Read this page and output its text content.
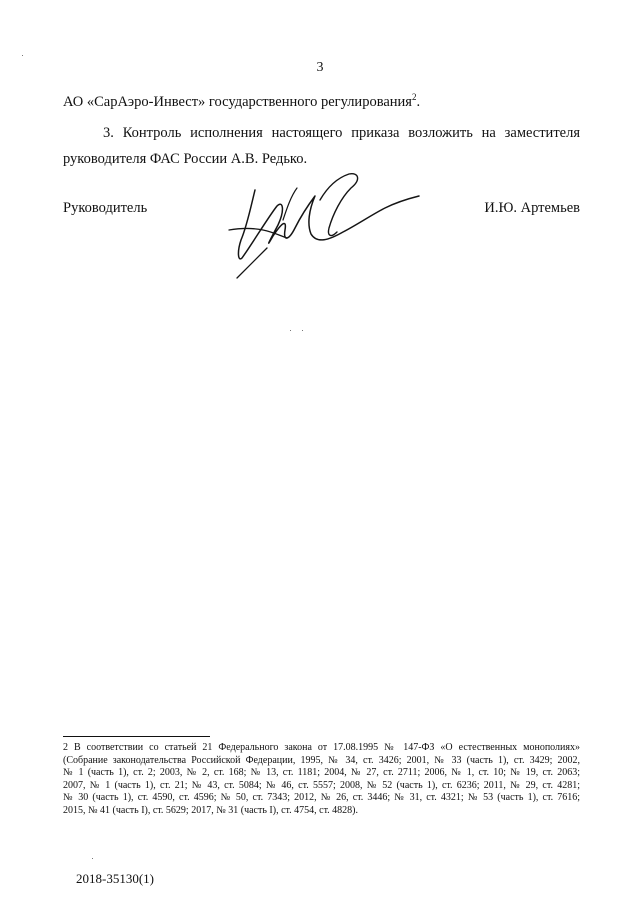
3
АО «СарАэро-Инвест» государственного регулирования$^2$.
3. Контроль исполнения настоящего приказа возложить на заместителя
руководителя ФАС России А.В. Редько.
Руководитель	И.Ю. Артемьев
2 В соответствии со статьей 21 Федерального закона от 17.08.1995 № 147-ФЗ «О естественных монополиях»
(Собрание законодательства Российской Федерации, 1995, № 34, ст. 3426; 2001, № 33 (часть 1), ст. 3429; 2002,
№ 1 (часть 1), ст. 2; 2003, № 2, ст. 168; № 13, ст. 1181; 2004, № 27, ст. 2711; 2006, № 1, ст. 10; № 19, ст. 2063;
2007, № 1 (часть 1), ст. 21; № 43, ст. 5084; № 46, ст. 5557; 2008, № 52 (часть 1), ст. 6236; 2011, № 29, ст. 4281;
№ 30 (часть 1), ст. 4590, ст. 4596; № 50, ст. 7343; 2012, № 26, ст. 3446; № 31, ст. 4321; № 53 (часть 1), ст. 7616;
2015, № 41 (часть I), ст. 5629; 2017, № 31 (часть I), ст. 4754, ст. 4828).
2018-35130(1)
